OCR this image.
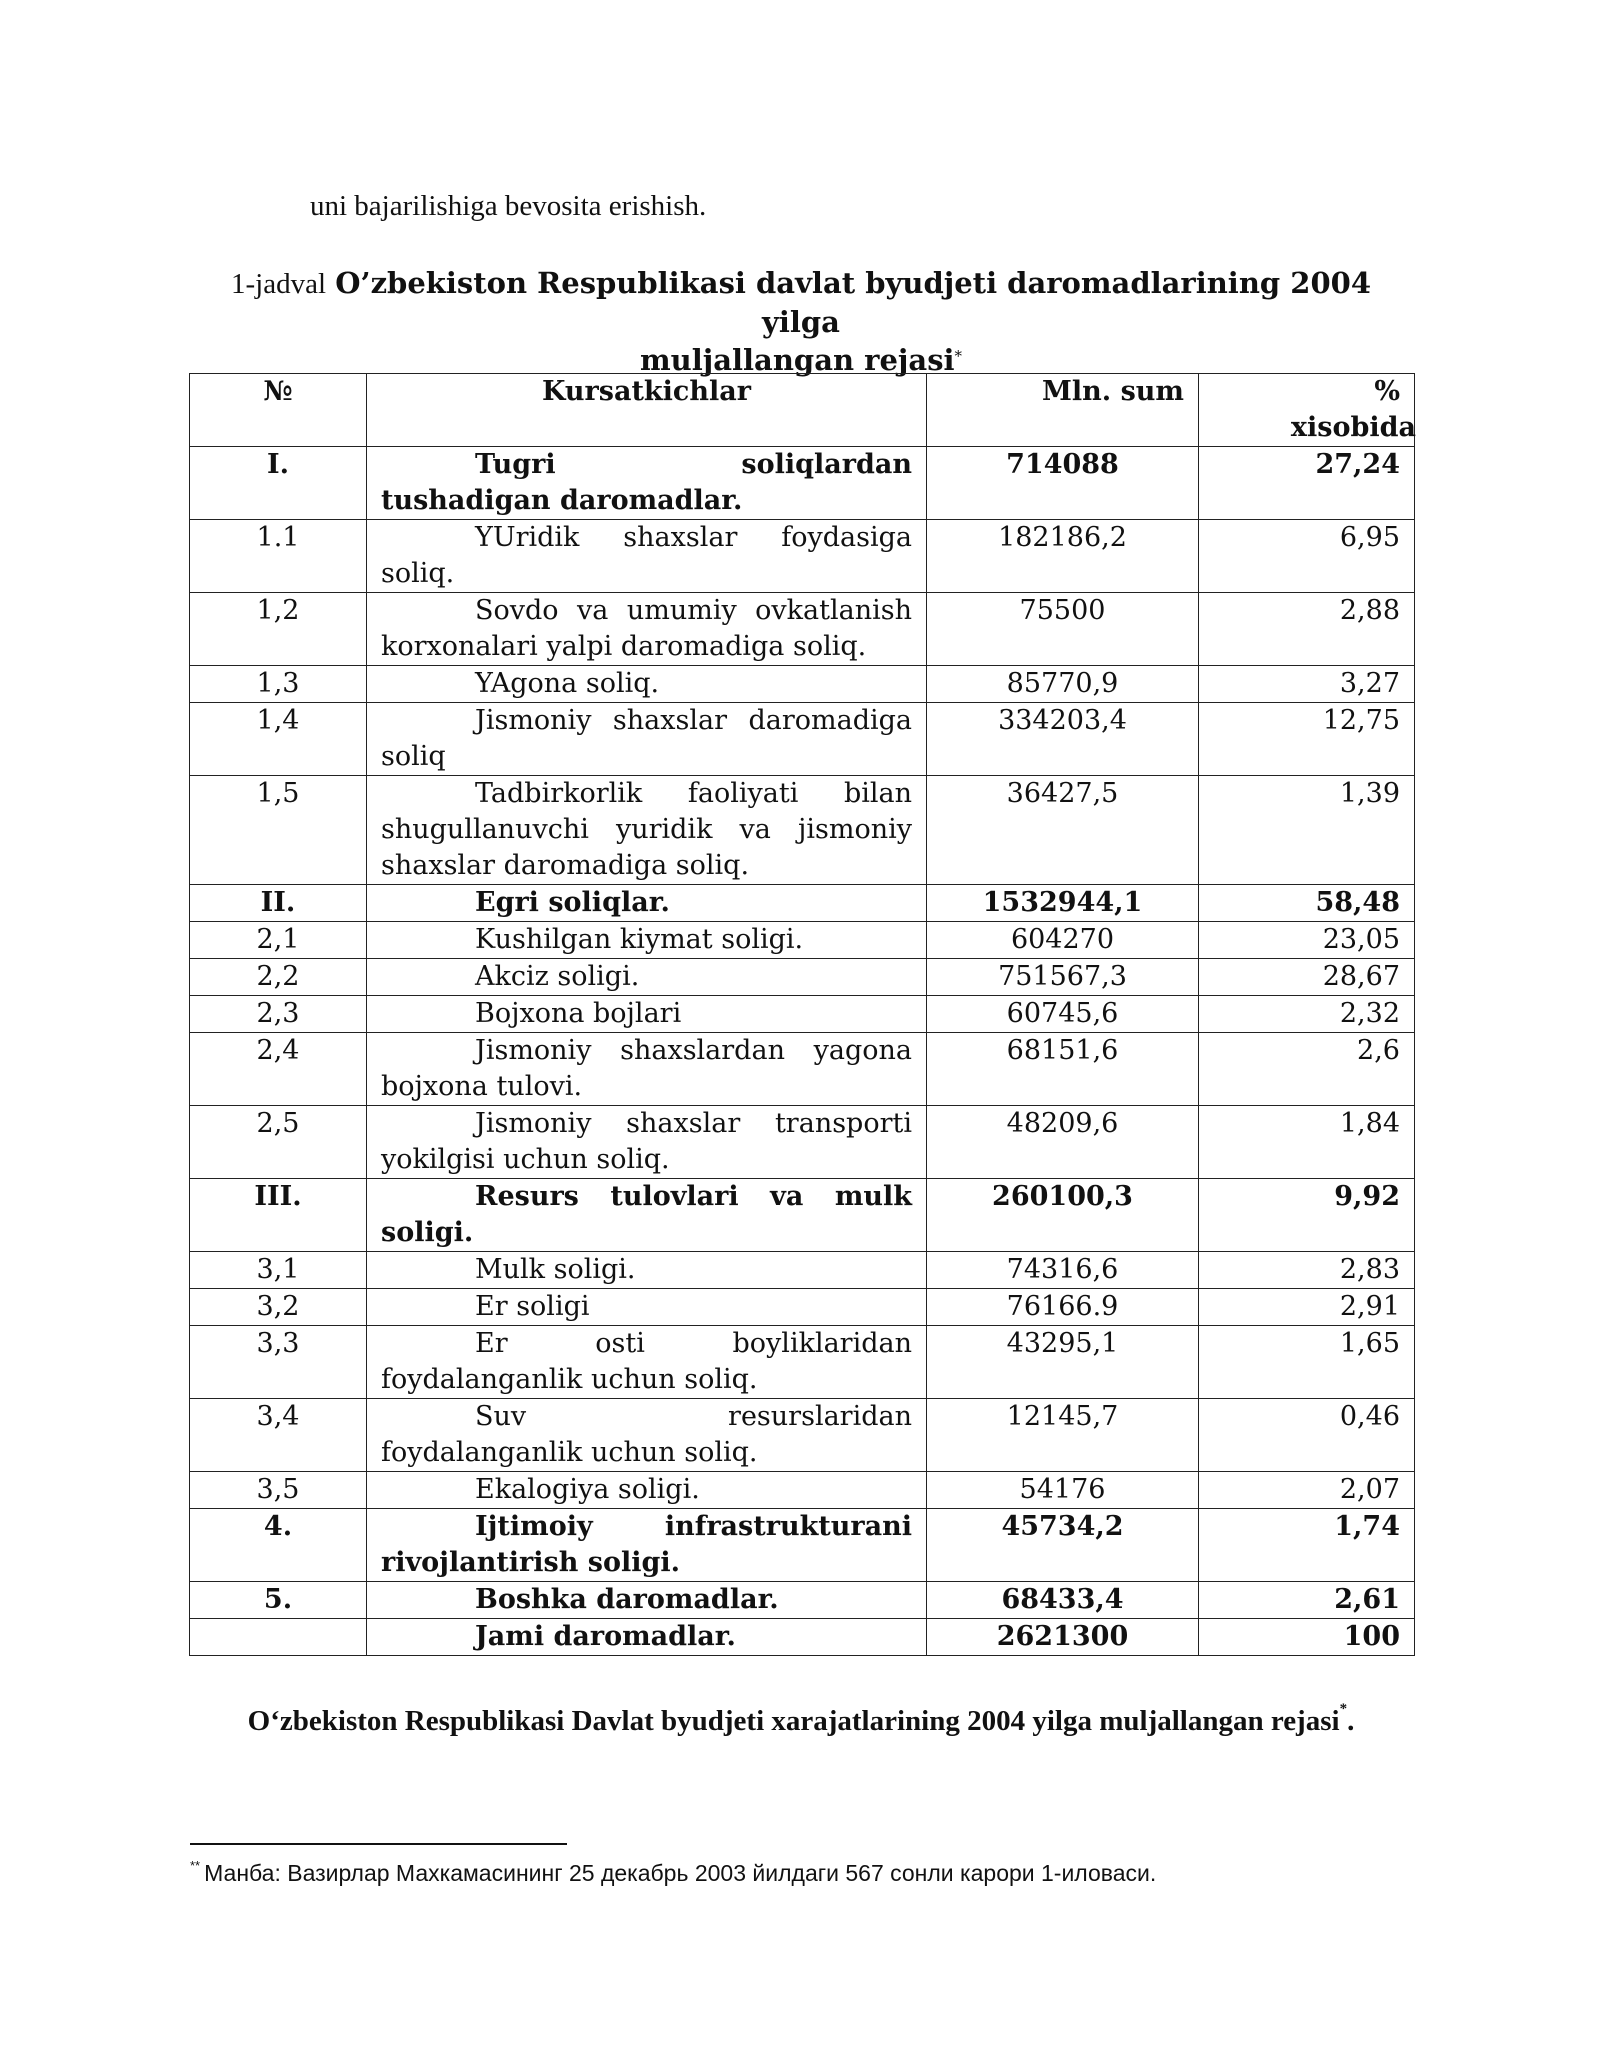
uni bajarilishiga bevosita erishish.
1-jadval O’zbekiston Respublikasi davlat byudjeti daromadlarining 2004 yilga
muljallangan rejasi*
№	Kursatkichlar	Mln. sum	%
xisobida

I.	Tugri soliqlardan tushadigan daromadlar.	714088	27,24
1.1	YUridik shaxslar foydasiga soliq.	182186,2	6,95
1,2	Sovdo va umumiy ovkatlanish korxonalari yalpi daromadiga soliq.	75500	2,88
1,3	YAgona soliq.	85770,9	3,27
1,4	Jismoniy shaxslar daromadiga soliq	334203,4	12,75
1,5	Tadbirkorlik faoliyati bilan shugullanuvchi yuridik va jismoniy shaxslar daromadiga soliq.	36427,5	1,39
II.	Egri soliqlar.	1532944,1	58,48
2,1	Kushilgan kiymat soligi.	604270	23,05
2,2	Akciz soligi.	751567,3	28,67
2,3	Bojxona bojlari	60745,6	2,32
2,4	Jismoniy shaxslardan yagona bojxona tulovi.	68151,6	2,6
2,5	Jismoniy shaxslar transporti yokilgisi uchun soliq.	48209,6	1,84
III.	Resurs tulovlari va mulk soligi.	260100,3	9,92
3,1	Mulk soligi.	74316,6	2,83
3,2	Er soligi	76166.9	2,91
3,3	Er osti boyliklaridan foydalanganlik uchun soliq.	43295,1	1,65
3,4	Suv resurslaridan foydalanganlik uchun soliq.	12145,7	0,46
3,5	Ekalogiya soligi.	54176	2,07
4.	Ijtimoiy infrastrukturani rivojlantirish soligi.	45734,2	1,74
5.	Boshka daromadlar.	68433,4	2,61
	Jami daromadlar.	2621300	100
O‘zbekiston Respublikasi Davlat byudjeti xarajatlarining 2004 yilga muljallangan rejasi*.
** Манба: Вазирлар Махкамасининг 25 декабрь 2003 йилдаги 567 сонли карори 1-иловаси.
